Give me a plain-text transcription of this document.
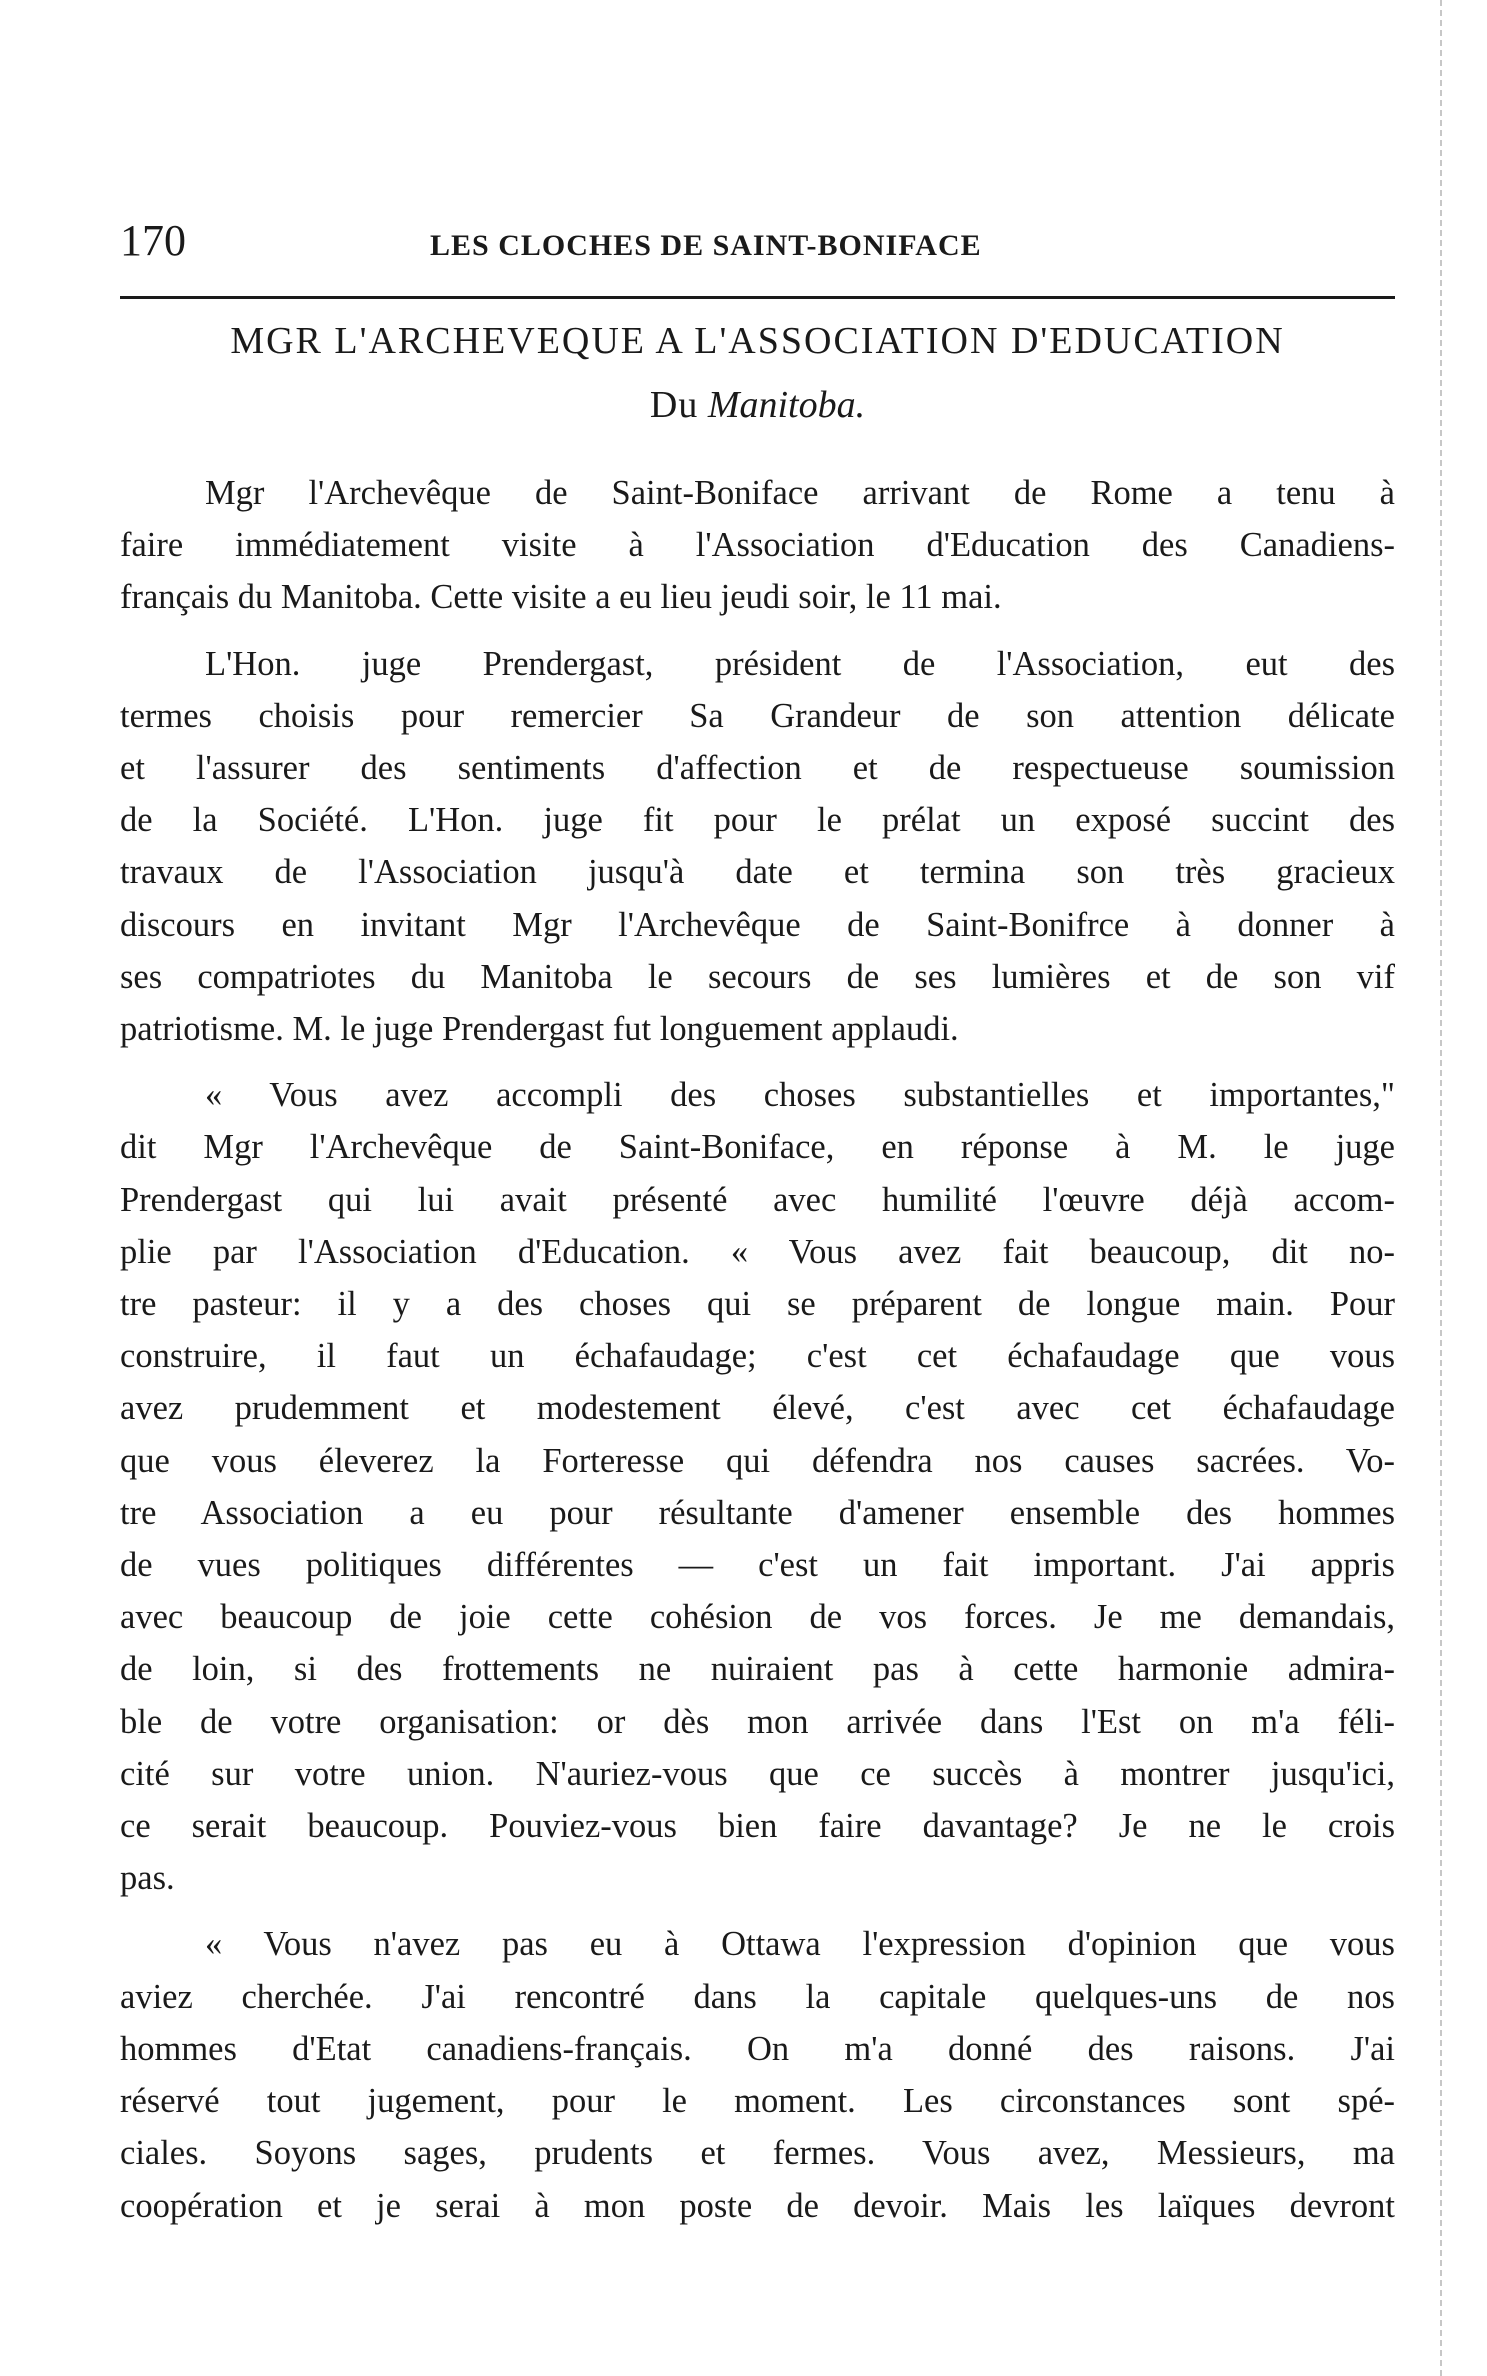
170	LES CLOCHES DE SAINT-BONIFACE
MGR L'ARCHEVEQUE A L'ASSOCIATION D'EDUCATION
Du Manitoba.
Mgr l'Archevêque de Saint-Boniface arrivant de Rome a tenu à
faire immédiatement visite à l'Association d'Education des Canadiens-
français du Manitoba. Cette visite a eu lieu jeudi soir, le 11 mai.
L'Hon. juge Prendergast, président de l'Association, eut des
termes choisis pour remercier Sa Grandeur de son attention délicate
et l'assurer des sentiments d'affection et de respectueuse soumission
de la Société. L'Hon. juge fit pour le prélat un exposé succint des
travaux de l'Association jusqu'à date et termina son très gracieux
discours en invitant Mgr l'Archevêque de Saint-Bonifrce à donner à
ses compatriotes du Manitoba le secours de ses lumières et de son vif
patriotisme. M. le juge Prendergast fut longuement applaudi.
« Vous avez accompli des choses substantielles et importantes,"
dit Mgr l'Archevêque de Saint-Boniface, en réponse à M. le juge
Prendergast qui lui avait présenté avec humilité l'œuvre déjà accom-
plie par l'Association d'Education. « Vous avez fait beaucoup, dit no-
tre pasteur: il y a des choses qui se préparent de longue main. Pour
construire, il faut un échafaudage; c'est cet échafaudage que vous
avez prudemment et modestement élevé, c'est avec cet échafaudage
que vous éleverez la Forteresse qui défendra nos causes sacrées. Vo-
tre Association a eu pour résultante d'amener ensemble des hommes
de vues politiques différentes — c'est un fait important. J'ai appris
avec beaucoup de joie cette cohésion de vos forces. Je me demandais,
de loin, si des frottements ne nuiraient pas à cette harmonie admira-
ble de votre organisation: or dès mon arrivée dans l'Est on m'a féli-
cité sur votre union. N'auriez-vous que ce succès à montrer jusqu'ici,
ce serait beaucoup. Pouviez-vous bien faire davantage? Je ne le crois
pas.
« Vous n'avez pas eu à Ottawa l'expression d'opinion que vous
aviez cherchée. J'ai rencontré dans la capitale quelques-uns de nos
hommes d'Etat canadiens-français. On m'a donné des raisons. J'ai
réservé tout jugement, pour le moment. Les circonstances sont spé-
ciales. Soyons sages, prudents et fermes. Vous avez, Messieurs, ma
coopération et je serai à mon poste de devoir. Mais les laïques devront
